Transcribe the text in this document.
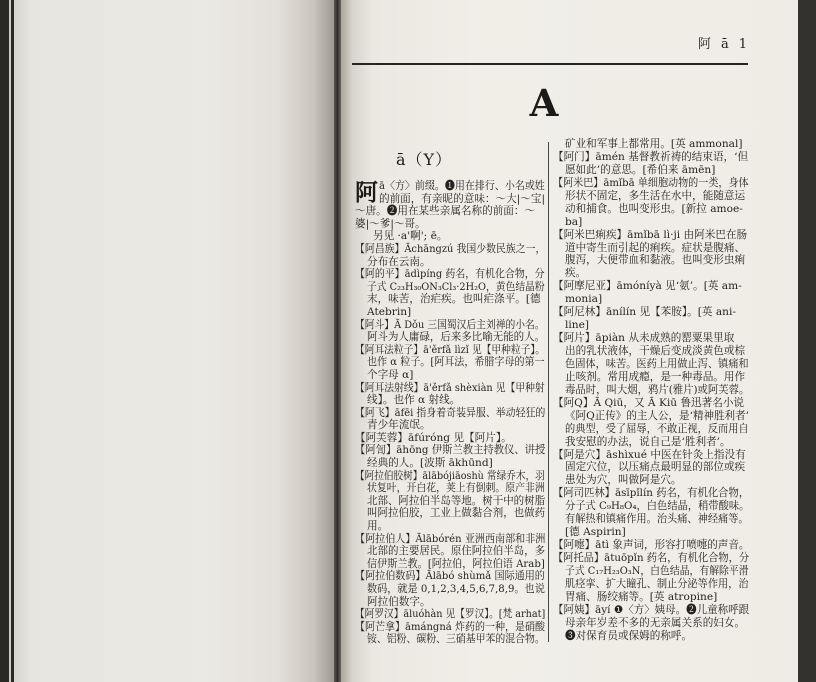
阿 ā 1
A
ā（Y）
阿 ā〈方〉前缀。❶用在排行、小名或姓
的前面，有亲昵的意味：～大|～宝|
～唐。❷用在某些亲属名称的前面：～
婆|～爹|～哥。
另见 ·a'啊'; ē。
【阿昌族】Āchāngzú 我国少数民族之一，
分布在云南。
【阿的平】ādìpíng 药名，有机化合物，分
子式 C₂₃H₃₀ON₃Cl₃·2H₂O，黄色结晶粉
末，味苦，治疟疾。也叫疟涤平。[德
Atebrin]
【阿斗】Ā Dǒu 三国蜀汉后主刘禅的小名。
阿斗为人庸碌，后来多比喻无能的人。
【阿耳法粒子】ā'ěrfǎ lìzǐ 见【甲种粒子】。
也作 α 粒子。[阿耳法，希腊字母的第一
个字母 α]
【阿耳法射线】ā'ěrfǎ shèxiàn 见【甲种射
线】。也作 α 射线。
【阿飞】āfēi 指身着奇装异服、举动轻狂的
青少年流氓。
【阿芙蓉】āfúróng 见【阿片】。
【阿訇】āhōng 伊斯兰教主持教仪、讲授
经典的人。[波斯 ākhūnd]
【阿拉伯胶树】ālābójiāoshù 常绿乔木，羽
状复叶，开白花，荚上有倒刺。原产非洲
北部、阿拉伯半岛等地。树干中的树脂
叫阿拉伯胶，工业上做黏合剂，也做药
用。
【阿拉伯人】Ālābórén 亚洲西南部和非洲
北部的主要居民。原住阿拉伯半岛，多
信伊斯兰教。[阿拉伯，阿拉伯语 Arab]
【阿拉伯数码】Ālābó shùmǎ 国际通用的
数码，就是 0,1,2,3,4,5,6,7,8,9。也说
阿拉伯数字。
【阿罗汉】āluóhàn 见【罗汉】。[梵 arhat]
【阿芒拿】āmángná 炸药的一种，是硝酸
铵、铝粉、碳粉、三硝基甲苯的混合物。
矿业和军事上都常用。[英 ammonal]
【阿门】āmén 基督教祈祷的结束语，‘但
愿如此’的意思。[希伯来 āmēn]
【阿米巴】āmǐbā 单细胞动物的一类，身体
形状不固定，多生活在水中，能随意运
动和捕食。也叫变形虫。[新拉 amoe-
ba]
【阿米巴痢疾】āmǐbā lì·ji 由阿米巴在肠
道中寄生而引起的痢疾。症状是腹痛、
腹泻，大便带血和黏液。也叫变形虫痢
疾。
【阿摩尼亚】āmóníyà 见‘氨’。[英 am-
monia]
【阿尼林】ānílín 见【苯胺】。[英 ani-
line]
【阿片】āpiàn 从未成熟的罂粟果里取
出的乳状液体，干燥后变成淡黄色或棕
色固体，味苦。医药上用做止泻、镇痛和
止咳剂。常用成瘾，是一种毒品。用作
毒品时，叫大烟，鸦片(雅片)或阿芙蓉。
【阿Q】Ā Qiū，又 Ā Kiū 鲁迅著名小说
《阿Q正传》的主人公，是‘精神胜利者’
的典型，受了屈辱，不敢正视，反而用自
我安慰的办法，说自己是‘胜利者’。
【阿是穴】āshìxué 中医在针灸上指没有
固定穴位，以压痛点最明显的部位或疾
患处为穴，叫做阿是穴。
【阿司匹林】āsīpǐlín 药名，有机化合物，
分子式 C₉H₈O₄，白色结晶，稍带酸味。
有解热和镇痛作用。治头痛、神经痛等。
[德 Aspirin]
【阿嚏】ātì 象声词，形容打喷嚏的声音。
【阿托品】ātuōpǐn 药名，有机化合物，分
子式 C₁₇H₂₃O₃N，白色结晶，有解除平滑
肌痉挛、扩大瞳孔、制止分泌等作用，治
胃痛、肠绞痛等。[英 atropine]
【阿姨】āyí ❶〈方〉姨母。❷儿童称呼跟
母亲年岁差不多的无亲属关系的妇女。
❸对保育员或保姆的称呼。
